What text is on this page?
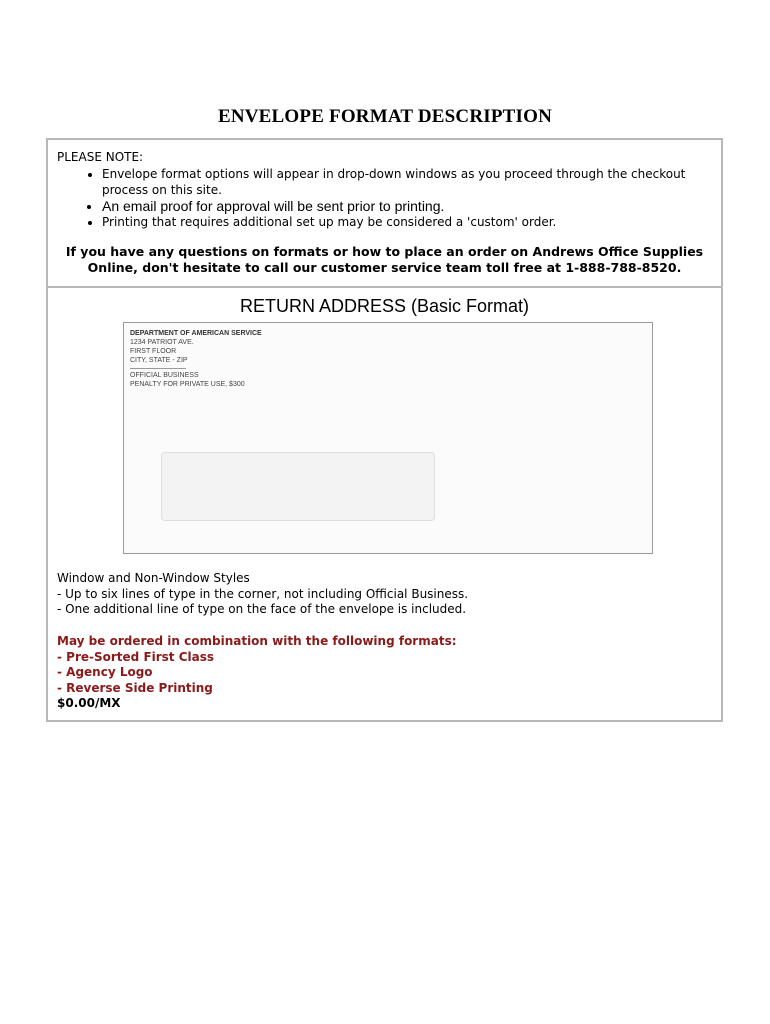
ENVELOPE FORMAT DESCRIPTION
PLEASE NOTE:
• Envelope format options will appear in drop-down windows as you proceed through the checkout process on this site.
• An email proof for approval will be sent prior to printing.
• Printing that requires additional set up may be considered a 'custom' order.
If you have any questions on formats or how to place an order on Andrews Office Supplies Online, don't hesitate to call our customer service team toll free at 1-888-788-8520.
RETURN ADDRESS (Basic Format)
DEPARTMENT OF AMERICAN SERVICE
1234 PATRIOT AVE.
FIRST FLOOR
CITY, STATE - ZIP
OFFICIAL BUSINESS
PENALTY FOR PRIVATE USE, $300
Window and Non-Window Styles
- Up to six lines of type in the corner, not including Official Business.
- One additional line of type on the face of the envelope is included.
May be ordered in combination with the following formats:
- Pre-Sorted First Class
- Agency Logo
- Reverse Side Printing
$0.00/MX
